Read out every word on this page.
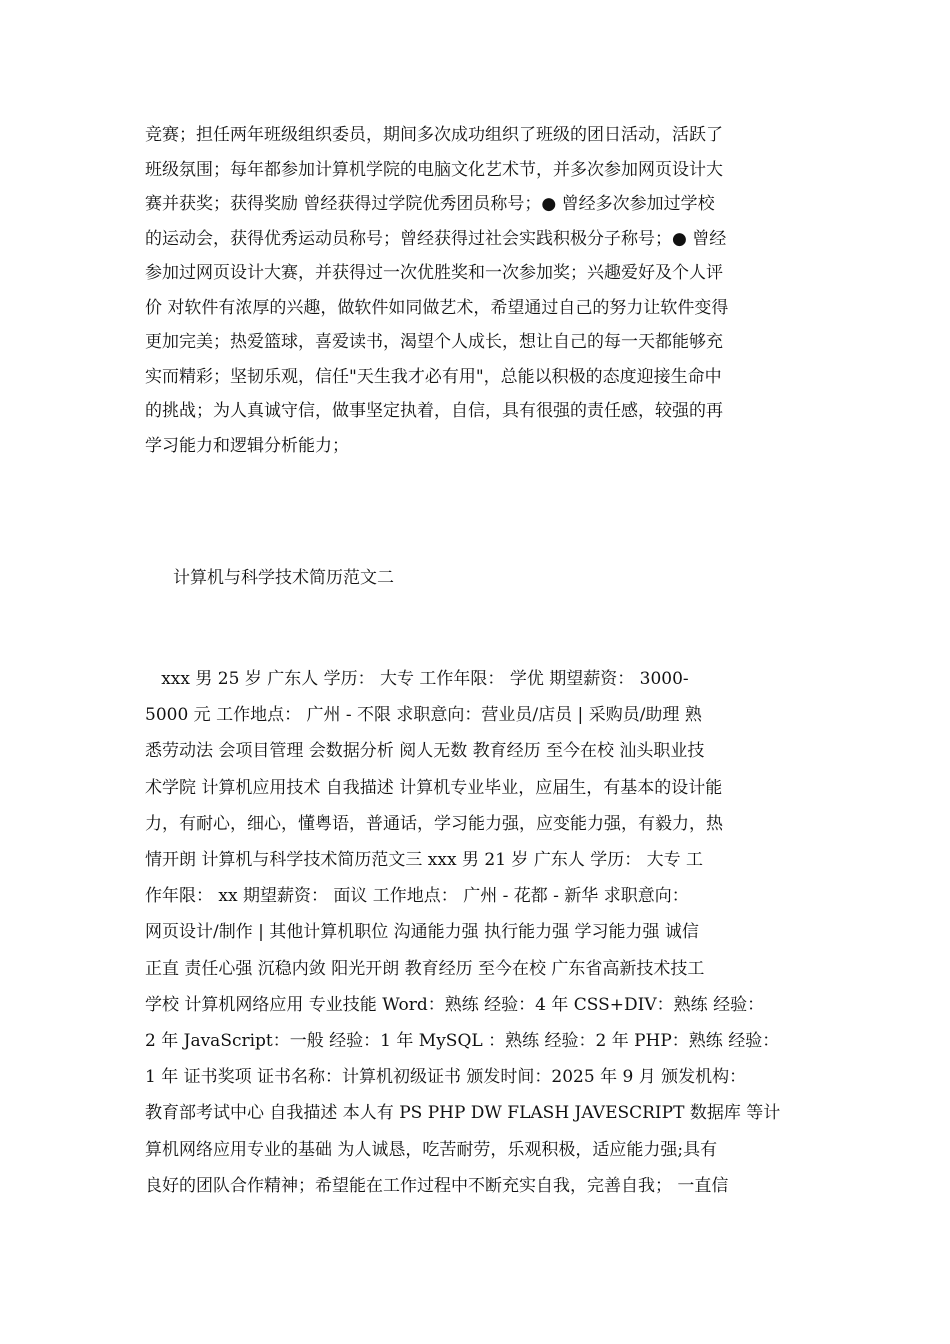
竞赛；担任两年班级组织委员，期间多次成功组织了班级的团日活动，活跃了
班级氛围；每年都参加计算机学院的电脑文化艺术节，并多次参加网页设计大
赛并获奖；获得奖励 曾经获得过学院优秀团员称号；● 曾经多次参加过学校
的运动会，获得优秀运动员称号；曾经获得过社会实践积极分子称号；● 曾经
参加过网页设计大赛，并获得过一次优胜奖和一次参加奖；兴趣爱好及个人评
价 对软件有浓厚的兴趣，做软件如同做艺术，希望通过自己的努力让软件变得
更加完美；热爱篮球，喜爱读书，渴望个人成长，想让自己的每一天都能够充
实而精彩；坚韧乐观，信任"天生我才必有用"，总能以积极的态度迎接生命中
的挑战；为人真诚守信，做事坚定执着，自信，具有很强的责任感，较强的再
学习能力和逻辑分析能力；
计算机与科学技术简历范文二
xxx 男 25 岁 广东人 学历： 大专 工作年限： 学优 期望薪资： 3000-
5000 元 工作地点： 广州 - 不限 求职意向：营业员/店员 | 采购员/助理 熟
悉劳动法 会项目管理 会数据分析 阅人无数 教育经历 至今在校 汕头职业技
术学院 计算机应用技术 自我描述 计算机专业毕业，应届生，有基本的设计能
力，有耐心，细心，懂粤语，普通话，学习能力强，应变能力强，有毅力，热
情开朗 计算机与科学技术简历范文三 xxx 男 21 岁 广东人 学历： 大专 工
作年限： xx 期望薪资： 面议 工作地点： 广州 - 花都 - 新华 求职意向：
网页设计/制作 | 其他计算机职位 沟通能力强 执行能力强 学习能力强 诚信
正直 责任心强 沉稳内敛 阳光开朗 教育经历 至今在校 广东省高新技术技工
学校 计算机网络应用 专业技能 Word：熟练 经验：4 年 CSS+DIV：熟练 经验：
2 年 JavaScript：一般 经验：1 年 MySQL ：熟练 经验：2 年 PHP：熟练 经验：
1 年 证书奖项 证书名称：计算机初级证书 颁发时间：2025 年 9 月 颁发机构：
教育部考试中心 自我描述 本人有 PS PHP DW FLASH JAVESCRIPT 数据库 等计
算机网络应用专业的基础 为人诚恳，吃苦耐劳，乐观积极，适应能力强;具有
良好的团队合作精神；希望能在工作过程中不断充实自我，完善自我； 一直信
